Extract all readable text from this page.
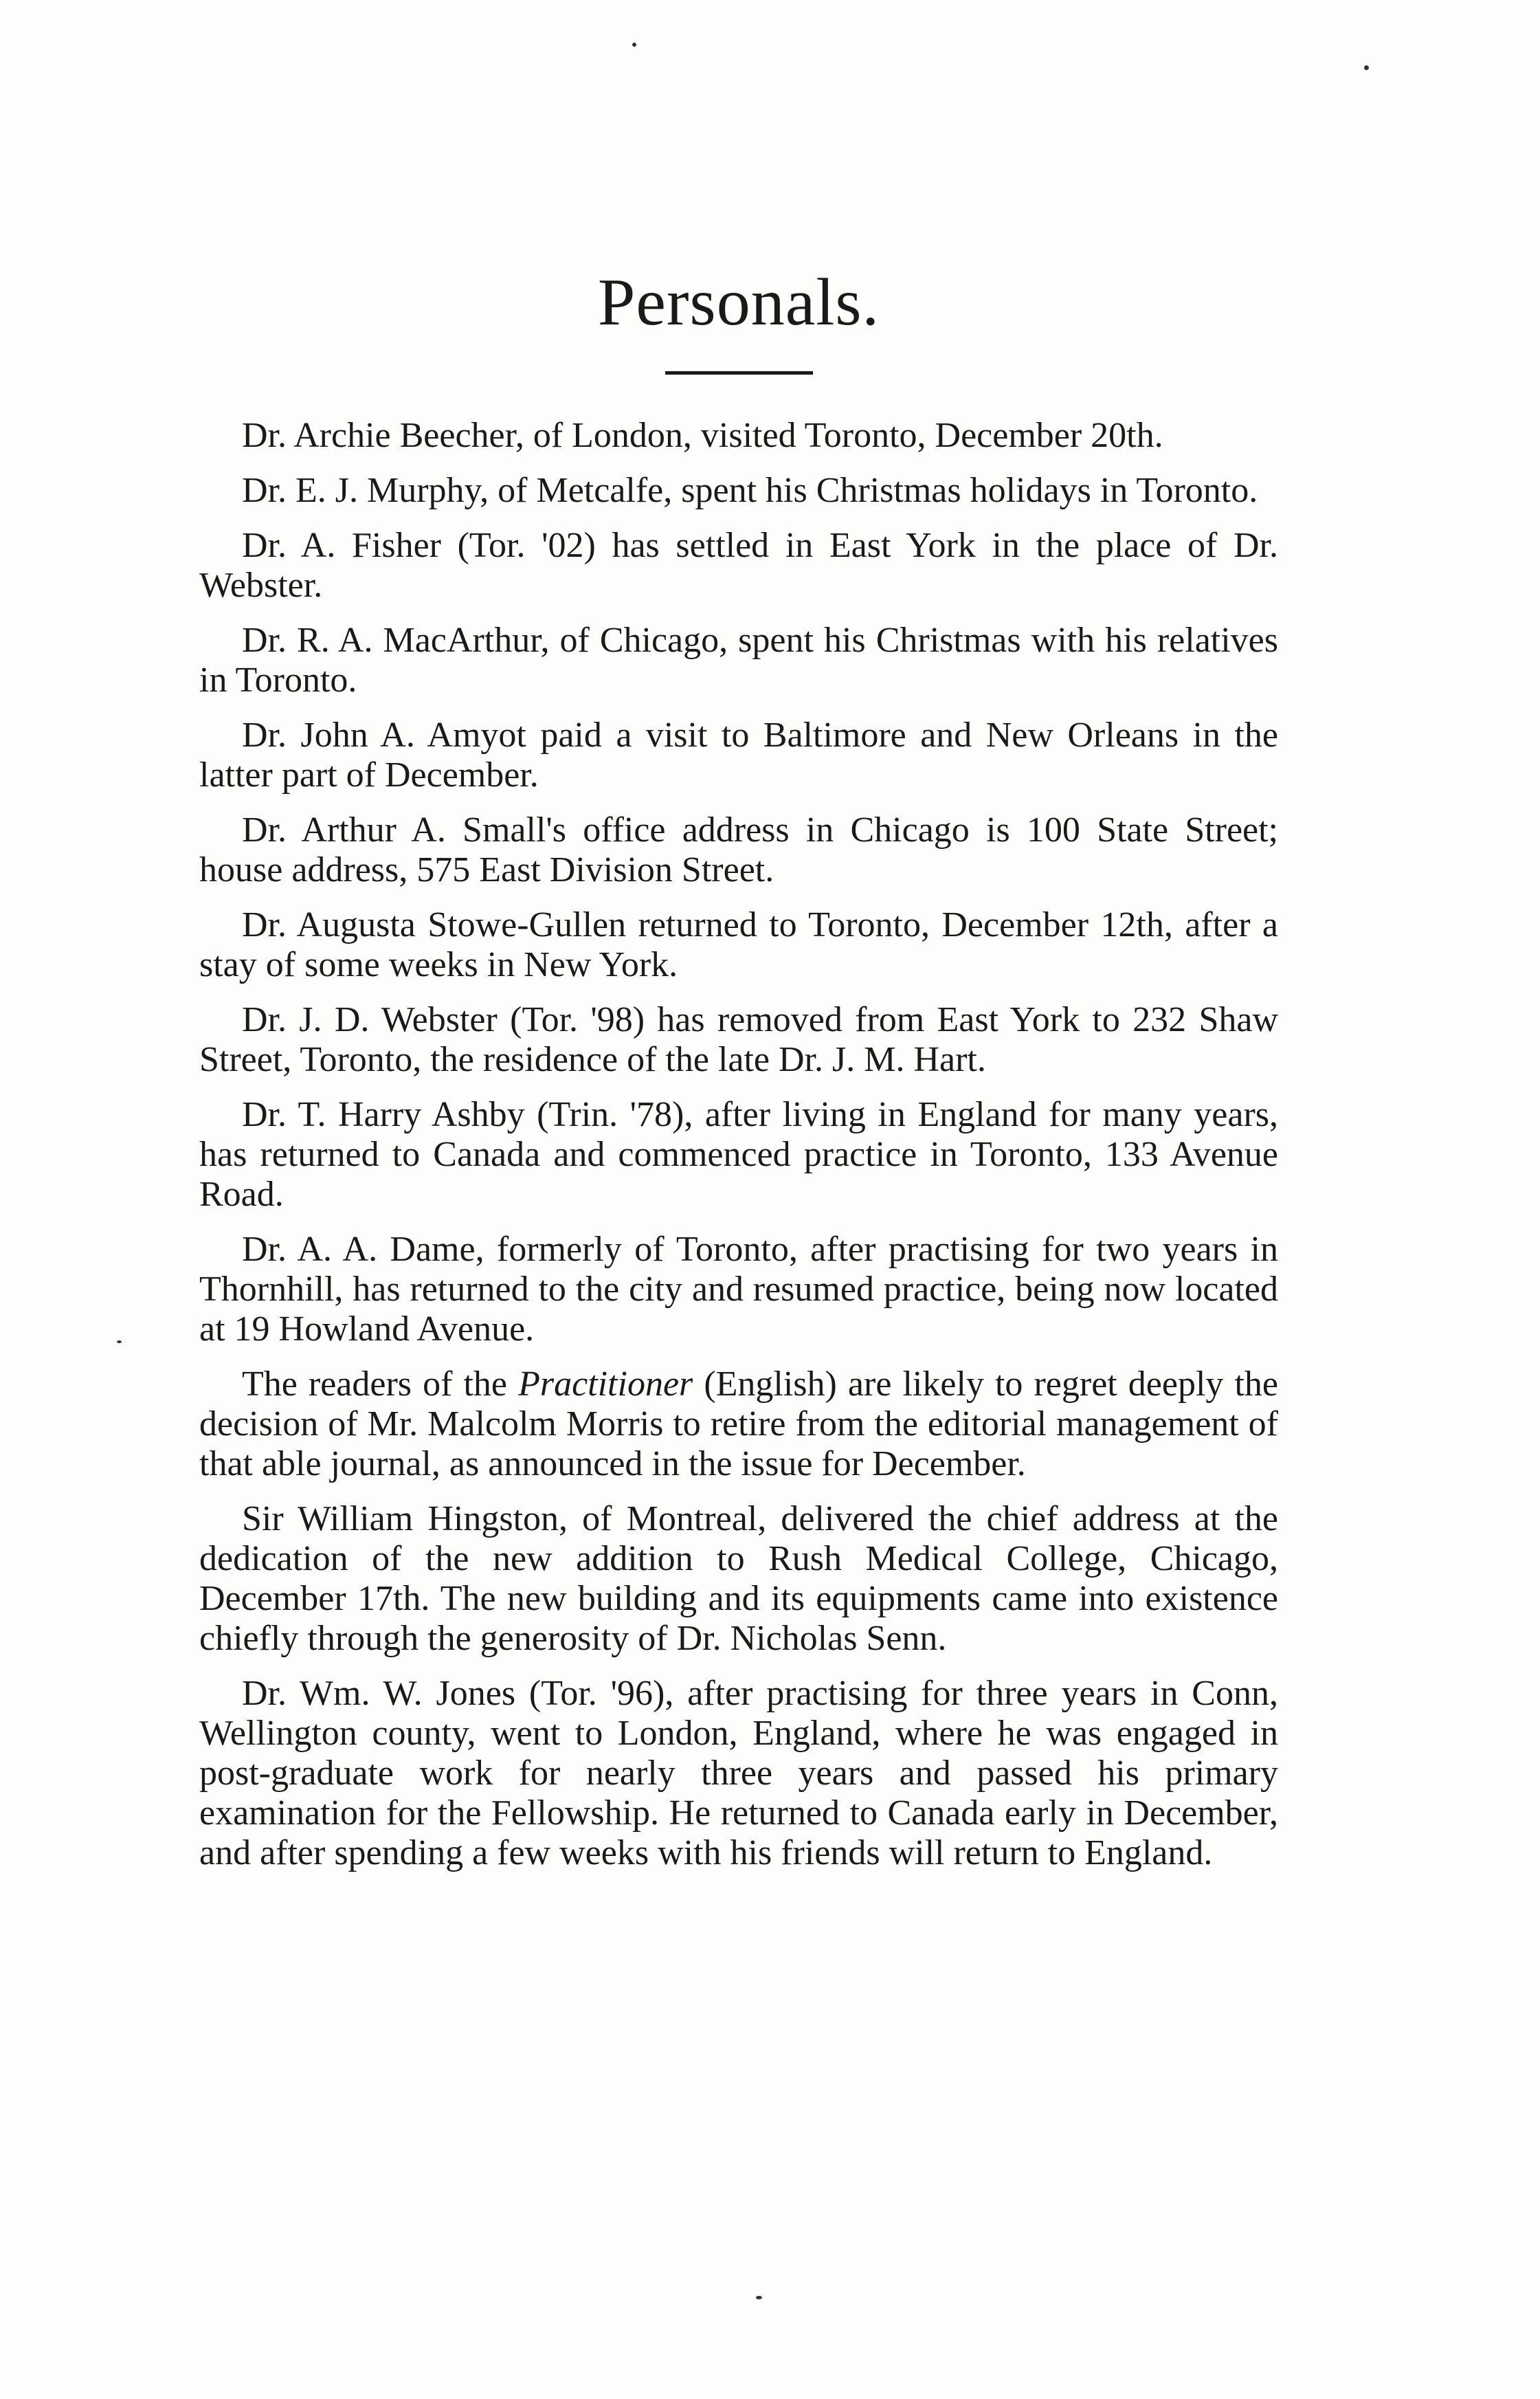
Personals.

Dr. Archie Beecher, of London, visited Toronto, December 20th.

Dr. E. J. Murphy, of Metcalfe, spent his Christmas holidays in Toronto.

Dr. A. Fisher (Tor. '02) has settled in East York in the place of Dr. Webster.

Dr. R. A. MacArthur, of Chicago, spent his Christmas with his relatives in Toronto.

Dr. John A. Amyot paid a visit to Baltimore and New Orleans in the latter part of December.

Dr. Arthur A. Small's office address in Chicago is 100 State Street; house address, 575 East Division Street.

Dr. Augusta Stowe-Gullen returned to Toronto, December 12th, after a stay of some weeks in New York.

Dr. J. D. Webster (Tor. '98) has removed from East York to 232 Shaw Street, Toronto, the residence of the late Dr. J. M. Hart.

Dr. T. Harry Ashby (Trin. '78), after living in England for many years, has returned to Canada and commenced practice in Toronto, 133 Avenue Road.

Dr. A. A. Dame, formerly of Toronto, after practising for two years in Thornhill, has returned to the city and resumed practice, being now located at 19 Howland Avenue.

The readers of the Practitioner (English) are likely to regret deeply the decision of Mr. Malcolm Morris to retire from the editorial management of that able journal, as announced in the issue for December.

Sir William Hingston, of Montreal, delivered the chief address at the dedication of the new addition to Rush Medical College, Chicago, December 17th. The new building and its equipments came into existence chiefly through the generosity of Dr. Nicholas Senn.

Dr. Wm. W. Jones (Tor. '96), after practising for three years in Conn, Wellington county, went to London, England, where he was engaged in post-graduate work for nearly three years and passed his primary examination for the Fellowship. He returned to Canada early in December, and after spending a few weeks with his friends will return to England.
